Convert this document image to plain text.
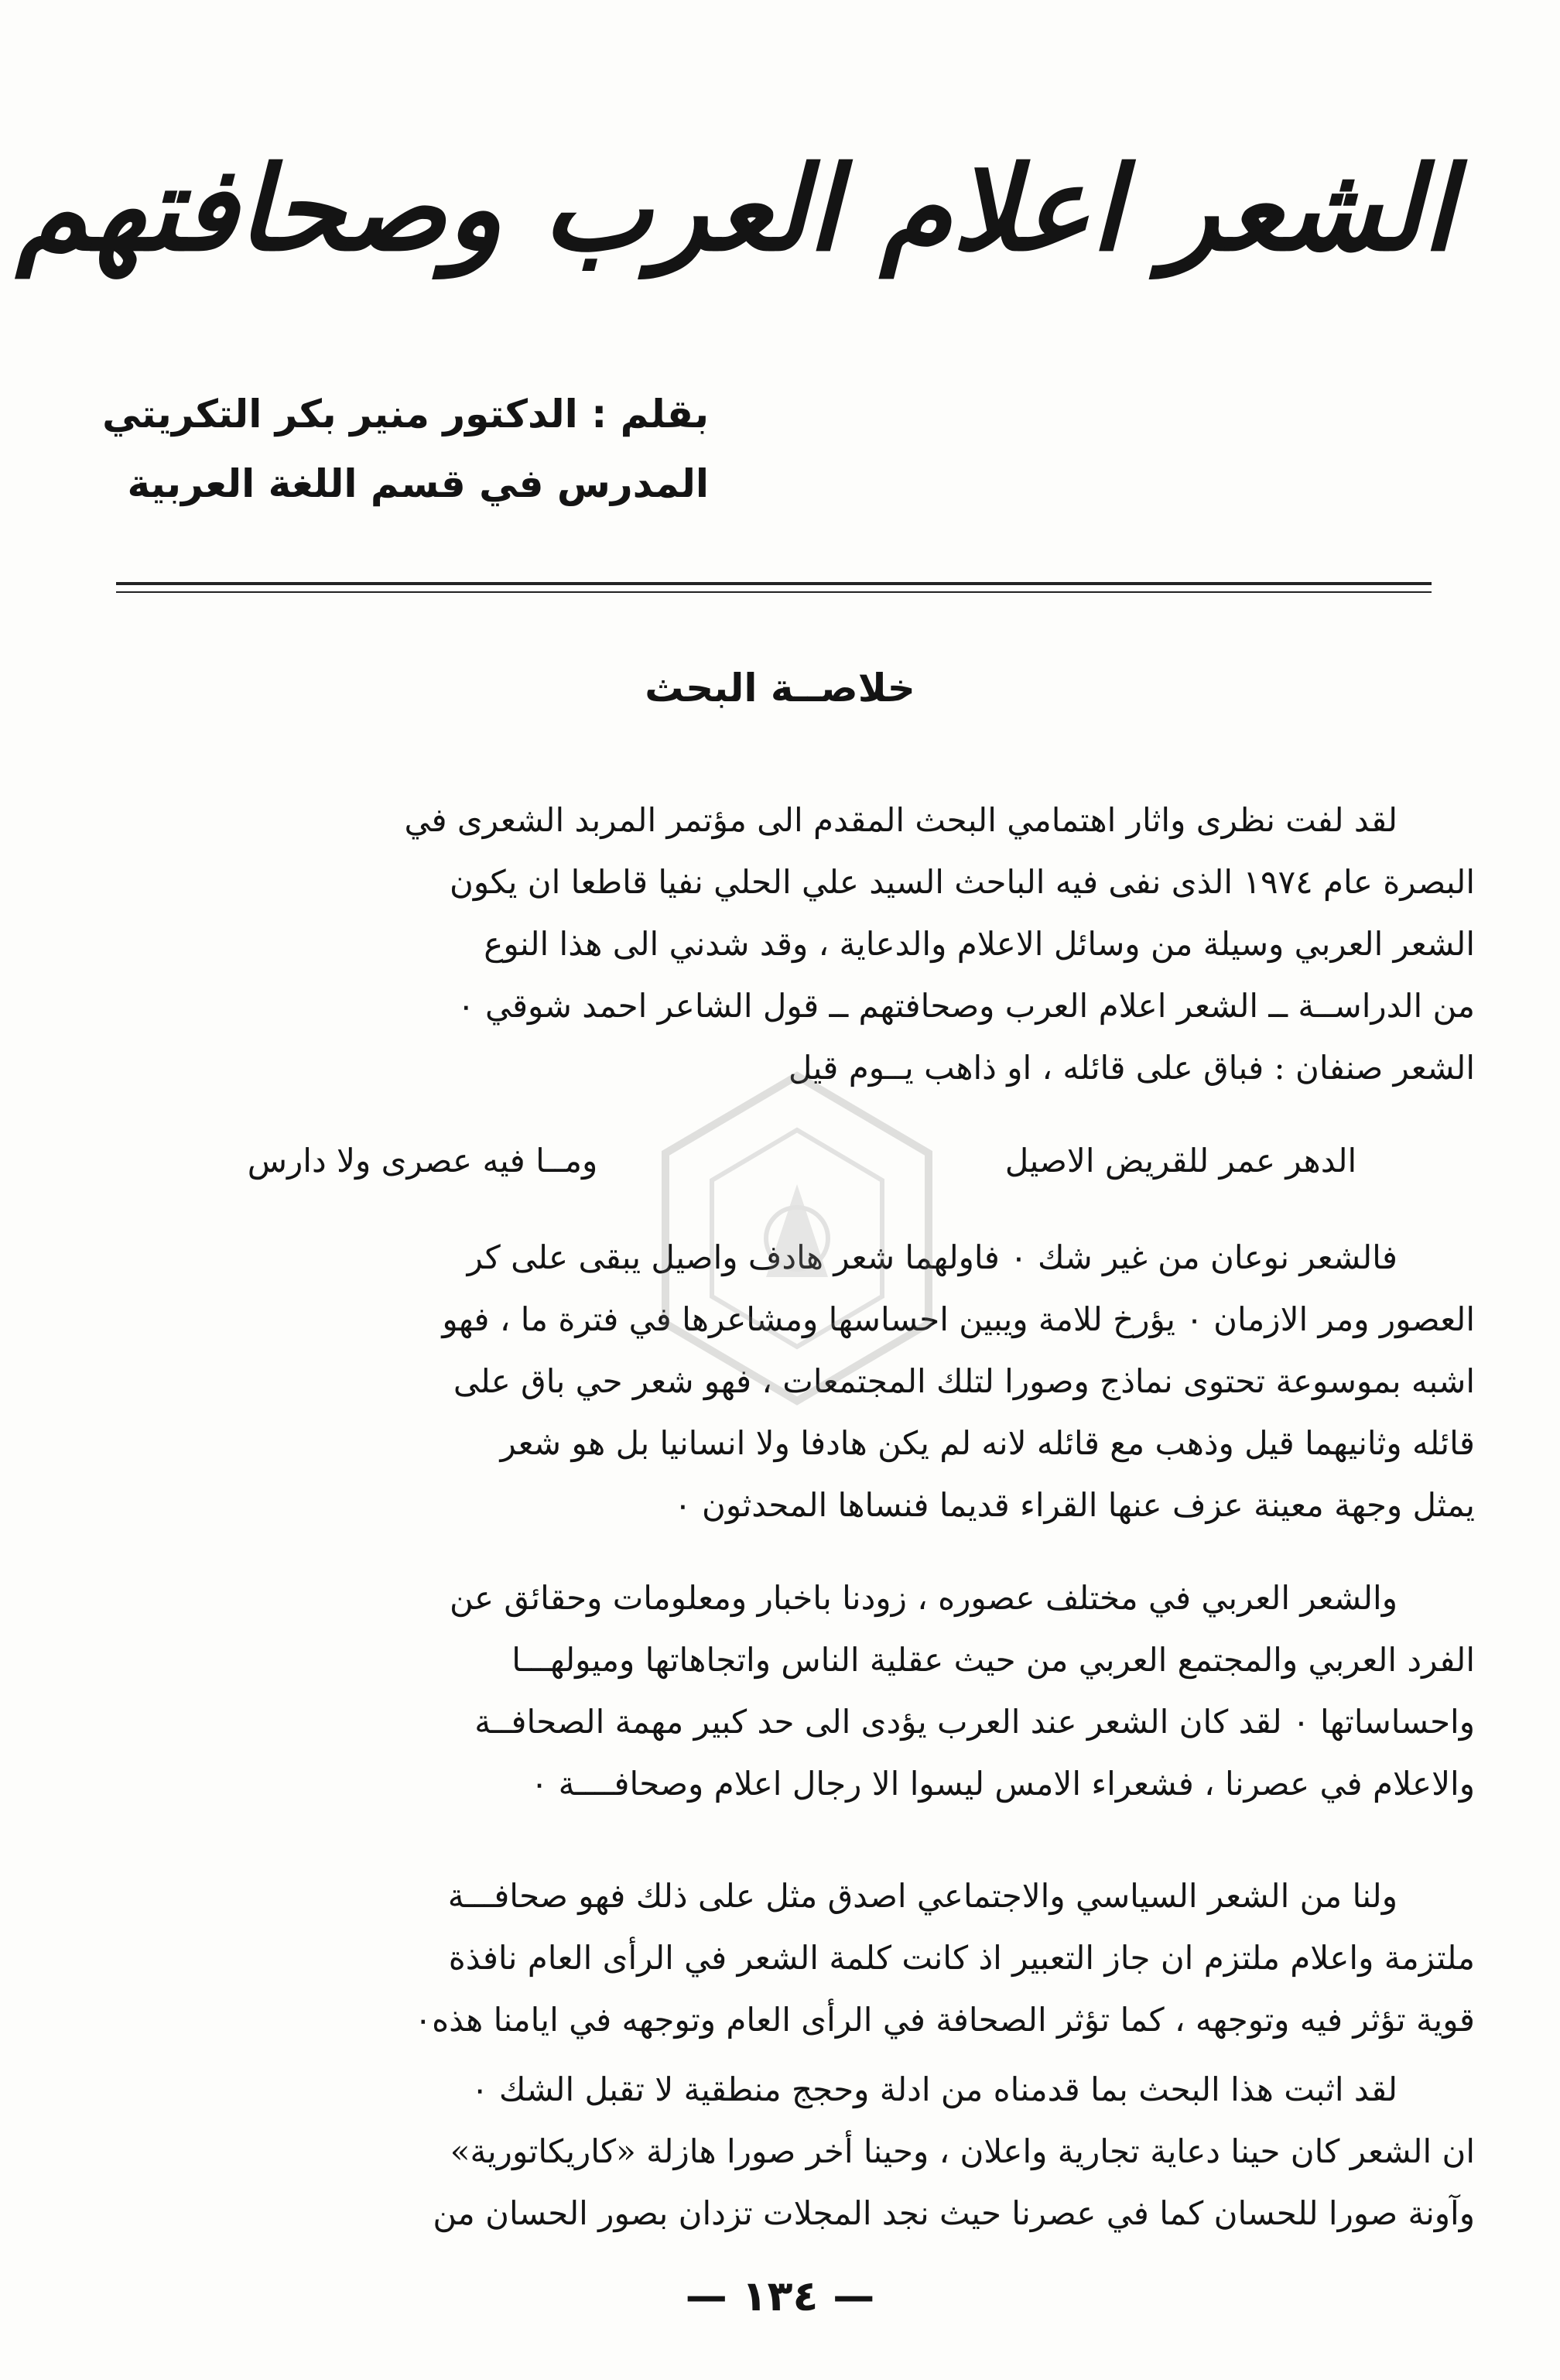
الشعر اعلام العرب وصحافتهم
بقلم : الدكتور منير بكر التكريتي
المدرس في قسم اللغة العربية
خلاصــة البحث
لقد لفت نظرى واثار اهتمامي البحث المقدم الى مؤتمر المربد الشعرى في
البصرة عام ١٩٧٤ الذى نفى فيه الباحث السيد علي الحلي نفيا قاطعا ان يكون
الشعر العربي وسيلة من وسائل الاعلام والدعاية ، وقد شدني الى هذا النوع
من الدراســة ــ الشعر اعلام العرب وصحافتهم ــ قول الشاعر احمد شوقي ٠
الشعر صنفان : فباق على قائله ، او ذاهب يــوم قيل
الدهر عمر للقريض الاصيل
ومــا فيه عصرى ولا دارس
فالشعر نوعان من غير شك ٠ فاولهما شعر هادف واصيل يبقى على كر
العصور ومر الازمان ٠ يؤرخ للامة ويبين احساسها ومشاعرها في فترة ما ، فهو
اشبه بموسوعة تحتوى نماذج وصورا لتلك المجتمعات ، فهو شعر حي باق على
قائله وثانيهما قيل وذهب مع قائله لانه لم يكن هادفا ولا انسانيا بل هو شعر
يمثل وجهة معينة عزف عنها القراء قديما فنساها المحدثون ٠
والشعر العربي في مختلف عصوره ، زودنا باخبار ومعلومات وحقائق عن
الفرد العربي والمجتمع العربي من حيث عقلية الناس واتجاهاتها وميولهـــا
واحساساتها ٠ لقد كان الشعر عند العرب يؤدى الى حد كبير مهمة الصحافــة
والاعلام في عصرنا ، فشعراء الامس ليسوا الا رجال اعلام وصحافــــة ٠
ولنا من الشعر السياسي والاجتماعي اصدق مثل على ذلك فهو صحافـــة
ملتزمة واعلام ملتزم ان جاز التعبير اذ كانت كلمة الشعر في الرأى العام نافذة
قوية تؤثر فيه وتوجهه ، كما تؤثر الصحافة في الرأى العام وتوجهه في ايامنا هذه٠
لقد اثبت هذا البحث بما قدمناه من ادلة وحجج منطقية لا تقبل الشك ٠
ان الشعر كان حينا دعاية تجارية واعلان ، وحينا أخر صورا هازلة «كاريكاتورية»
وآونة صورا للحسان كما في عصرنا حيث نجد المجلات تزدان بصور الحسان من
— ١٣٤ —
